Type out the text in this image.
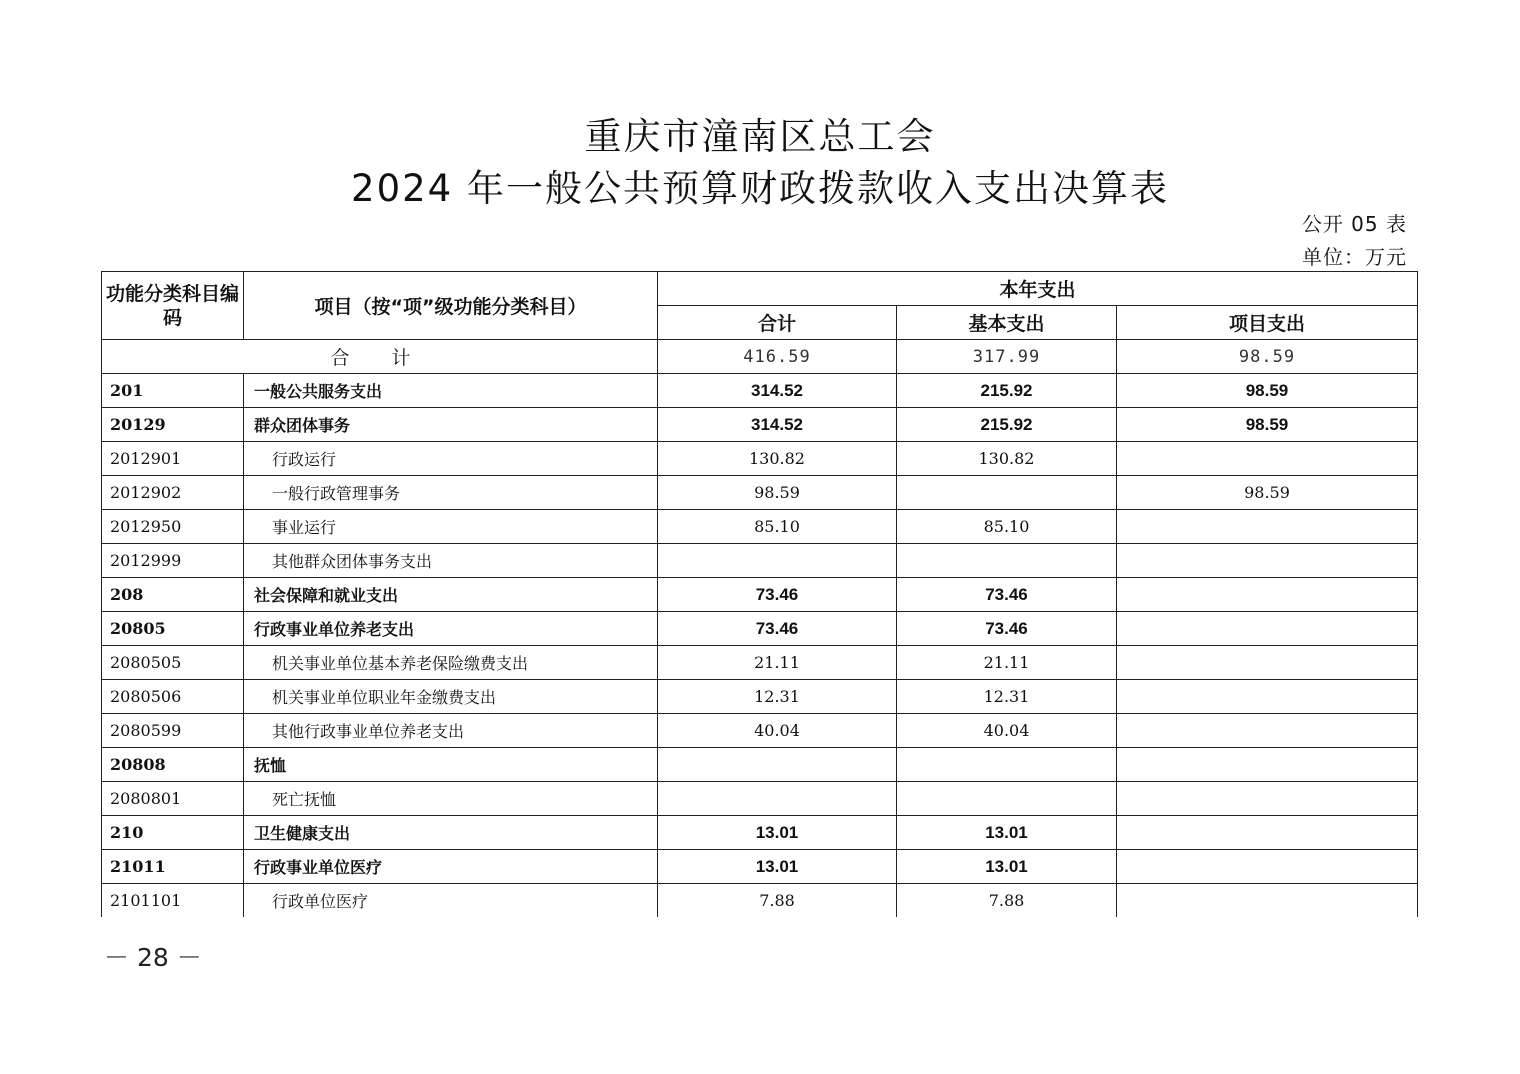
重庆市潼南区总工会
2024 年一般公共预算财政拨款收入支出决算表
公开 05 表
单位：万元
功能分类科目编码	项目（按“项”级功能分类科目）	本年支出		
		合计	基本支出	项目支出
合 计		416.59	317.99	98.59
201	一般公共服务支出	314.52	215.92	98.59
20129	群众团体事务	314.52	215.92	98.59
2012901	行政运行	130.82	130.82	
2012902	一般行政管理事务	98.59		98.59
2012950	事业运行	85.10	85.10	
2012999	其他群众团体事务支出			
208	社会保障和就业支出	73.46	73.46	
20805	行政事业单位养老支出	73.46	73.46	
2080505	机关事业单位基本养老保险缴费支出	21.11	21.11	
2080506	机关事业单位职业年金缴费支出	12.31	12.31	
2080599	其他行政事业单位养老支出	40.04	40.04	
20808	抚恤			
2080801	死亡抚恤			
210	卫生健康支出	13.01	13.01	
21011	行政事业单位医疗	13.01	13.01	
2101101	行政单位医疗	7.88	7.88	
－ 28 －
